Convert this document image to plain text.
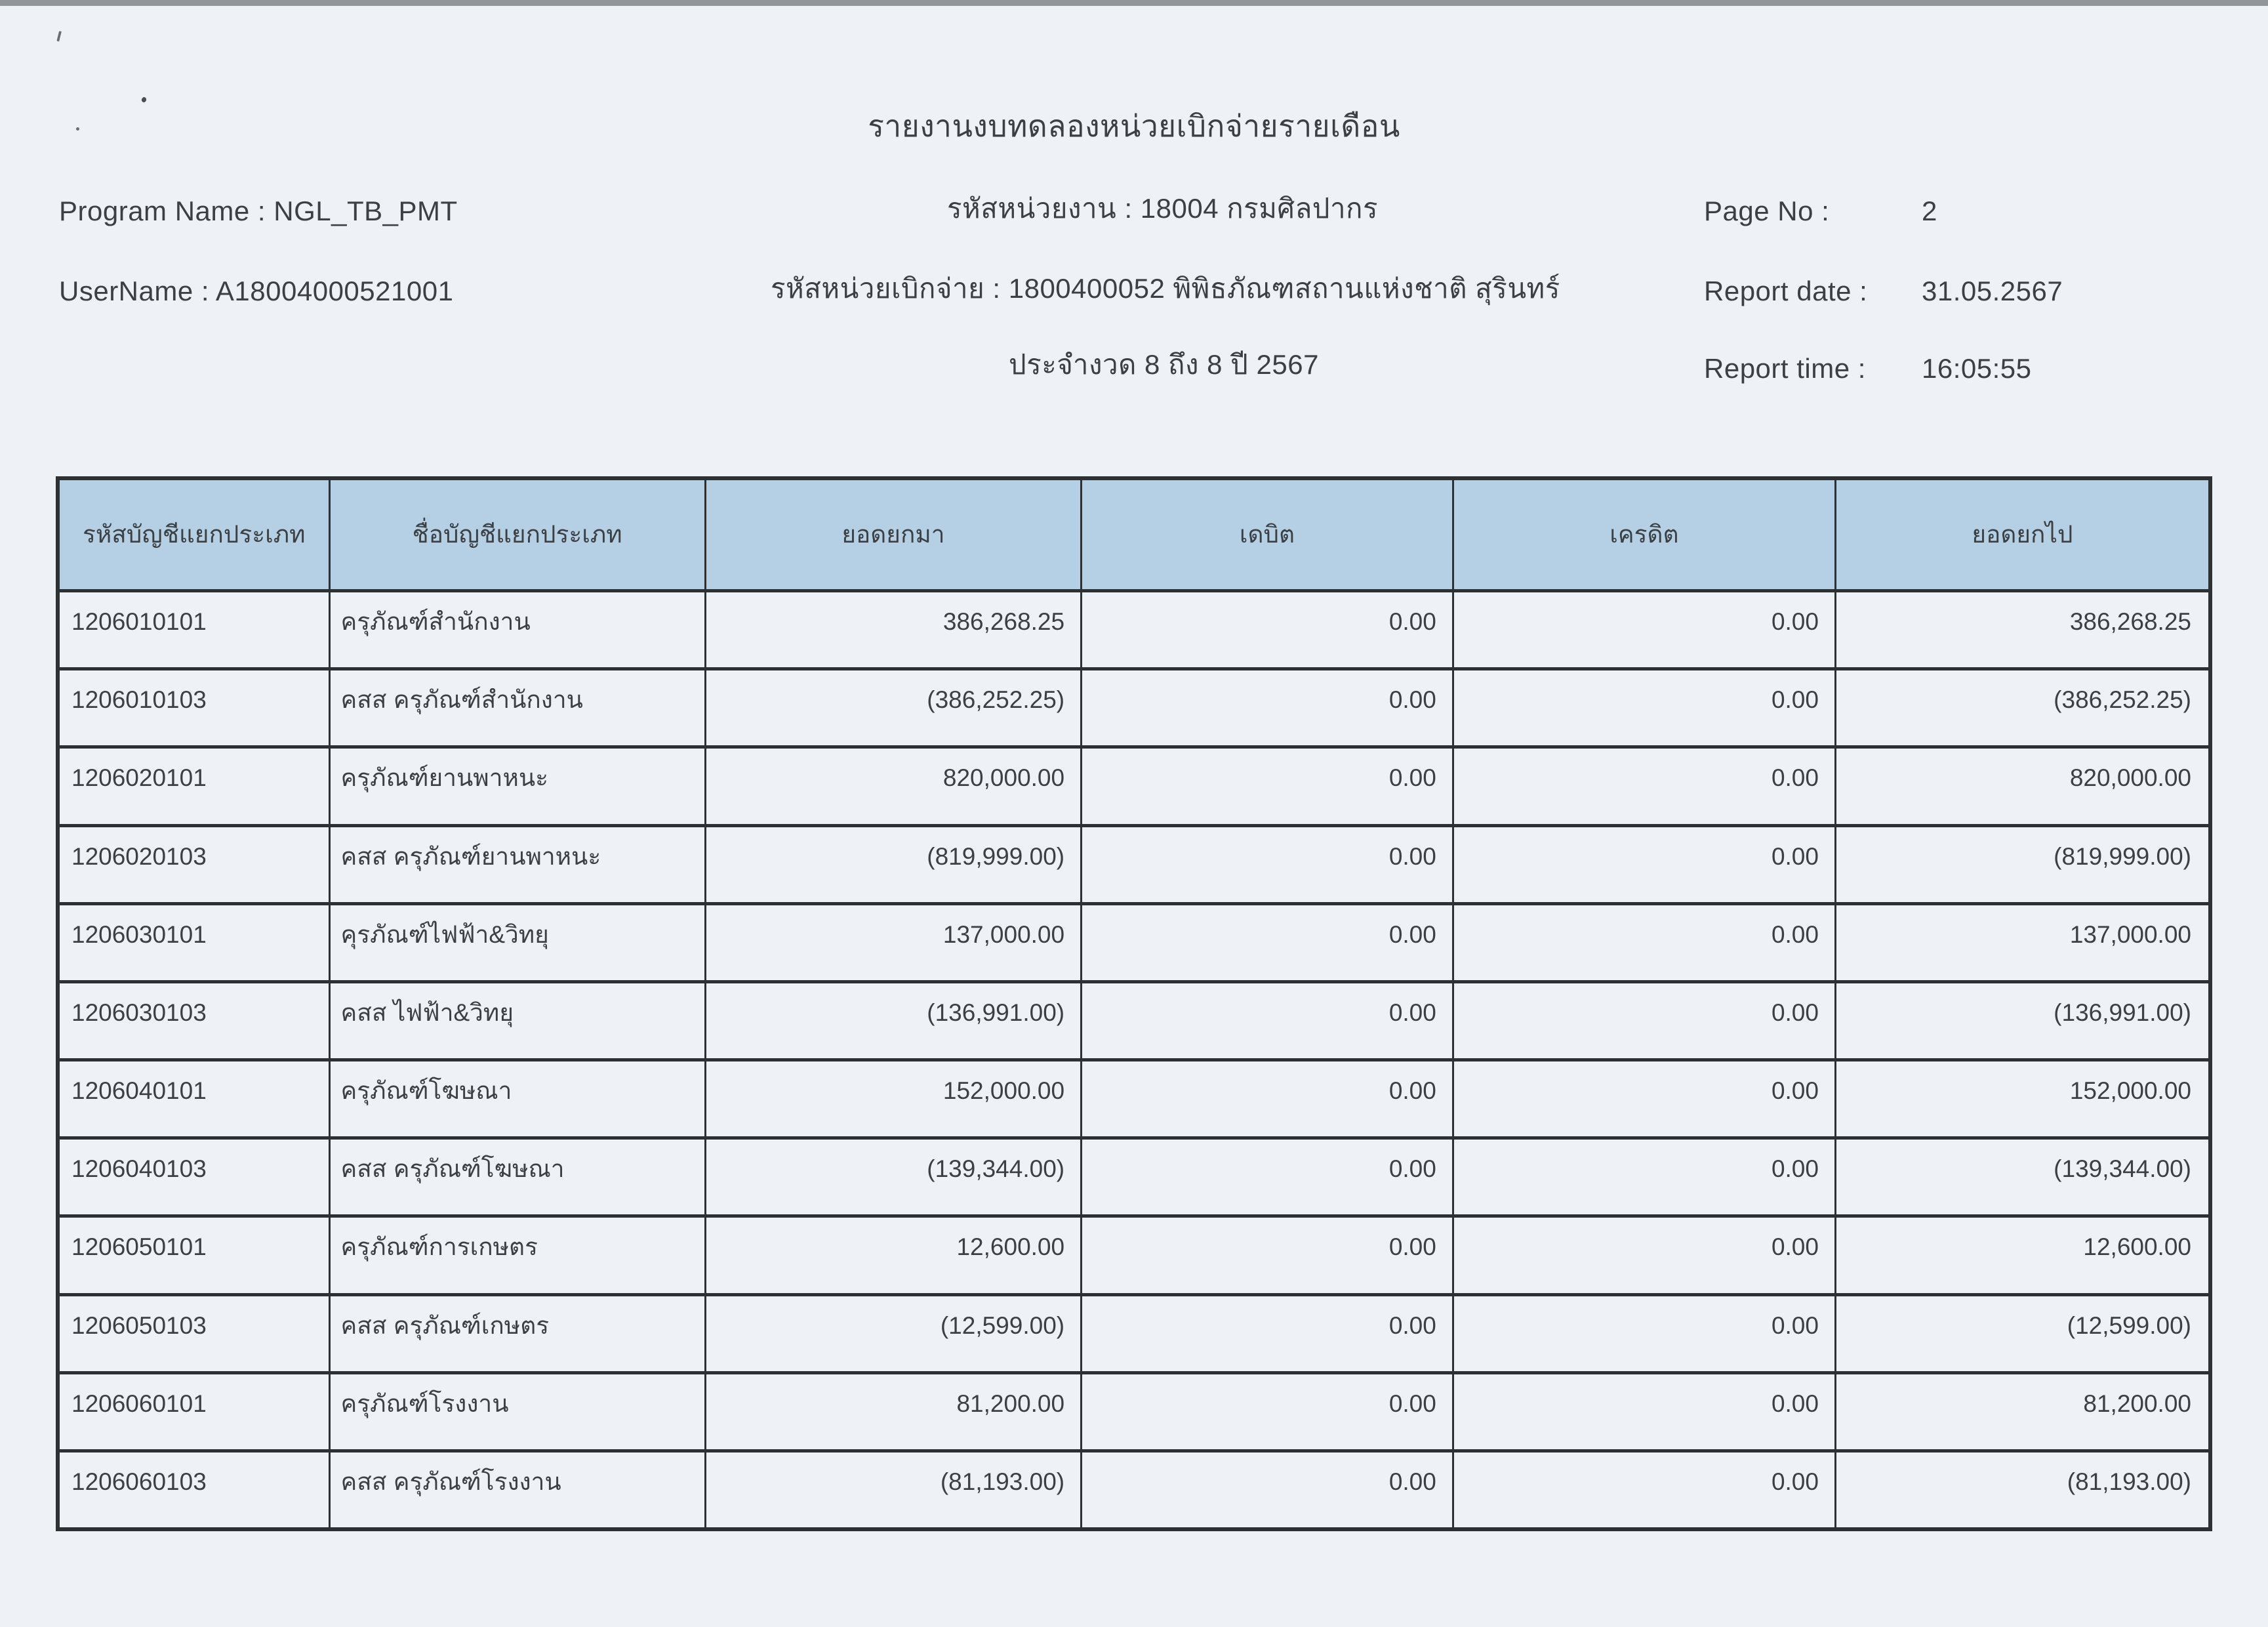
รายงานงบทดลองหน่วยเบิกจ่ายรายเดือน
Program Name : NGL_TB_PMT	รหัสหน่วยงาน : 18004 กรมศิลปากร	Page No :	2
UserName : A18004000521001	รหัสหน่วยเบิกจ่าย : 1800400052 พิพิธภัณฑสถานแห่งชาติ สุรินทร์	Report date : 31.05.2567
ประจำงวด 8 ถึง 8 ปี 2567	Report time : 16:05:55
รหัสบัญชีแยกประเภท	ชื่อบัญชีแยกประเภท	ยอดยกมา	เดบิต	เครดิต	ยอดยกไป
1206010101	ครุภัณฑ์สำนักงาน	386,268.25	0.00	0.00	386,268.25
1206010103	คสส ครุภัณฑ์สำนักงาน	(386,252.25)	0.00	0.00	(386,252.25)
1206020101	ครุภัณฑ์ยานพาหนะ	820,000.00	0.00	0.00	820,000.00
1206020103	คสส ครุภัณฑ์ยานพาหนะ	(819,999.00)	0.00	0.00	(819,999.00)
1206030101	คุรภัณฑ์ไฟฟ้า&วิทยุ	137,000.00	0.00	0.00	137,000.00
1206030103	คสส ไฟฟ้า&วิทยุ	(136,991.00)	0.00	0.00	(136,991.00)
1206040101	ครุภัณฑ์โฆษณา	152,000.00	0.00	0.00	152,000.00
1206040103	คสส ครุภัณฑ์โฆษณา	(139,344.00)	0.00	0.00	(139,344.00)
1206050101	ครุภัณฑ์การเกษตร	12,600.00	0.00	0.00	12,600.00
1206050103	คสส ครุภัณฑ์เกษตร	(12,599.00)	0.00	0.00	(12,599.00)
1206060101	ครุภัณฑ์โรงงาน	81,200.00	0.00	0.00	81,200.00
1206060103	คสส ครุภัณฑ์โรงงาน	(81,193.00)	0.00	0.00	(81,193.00)
